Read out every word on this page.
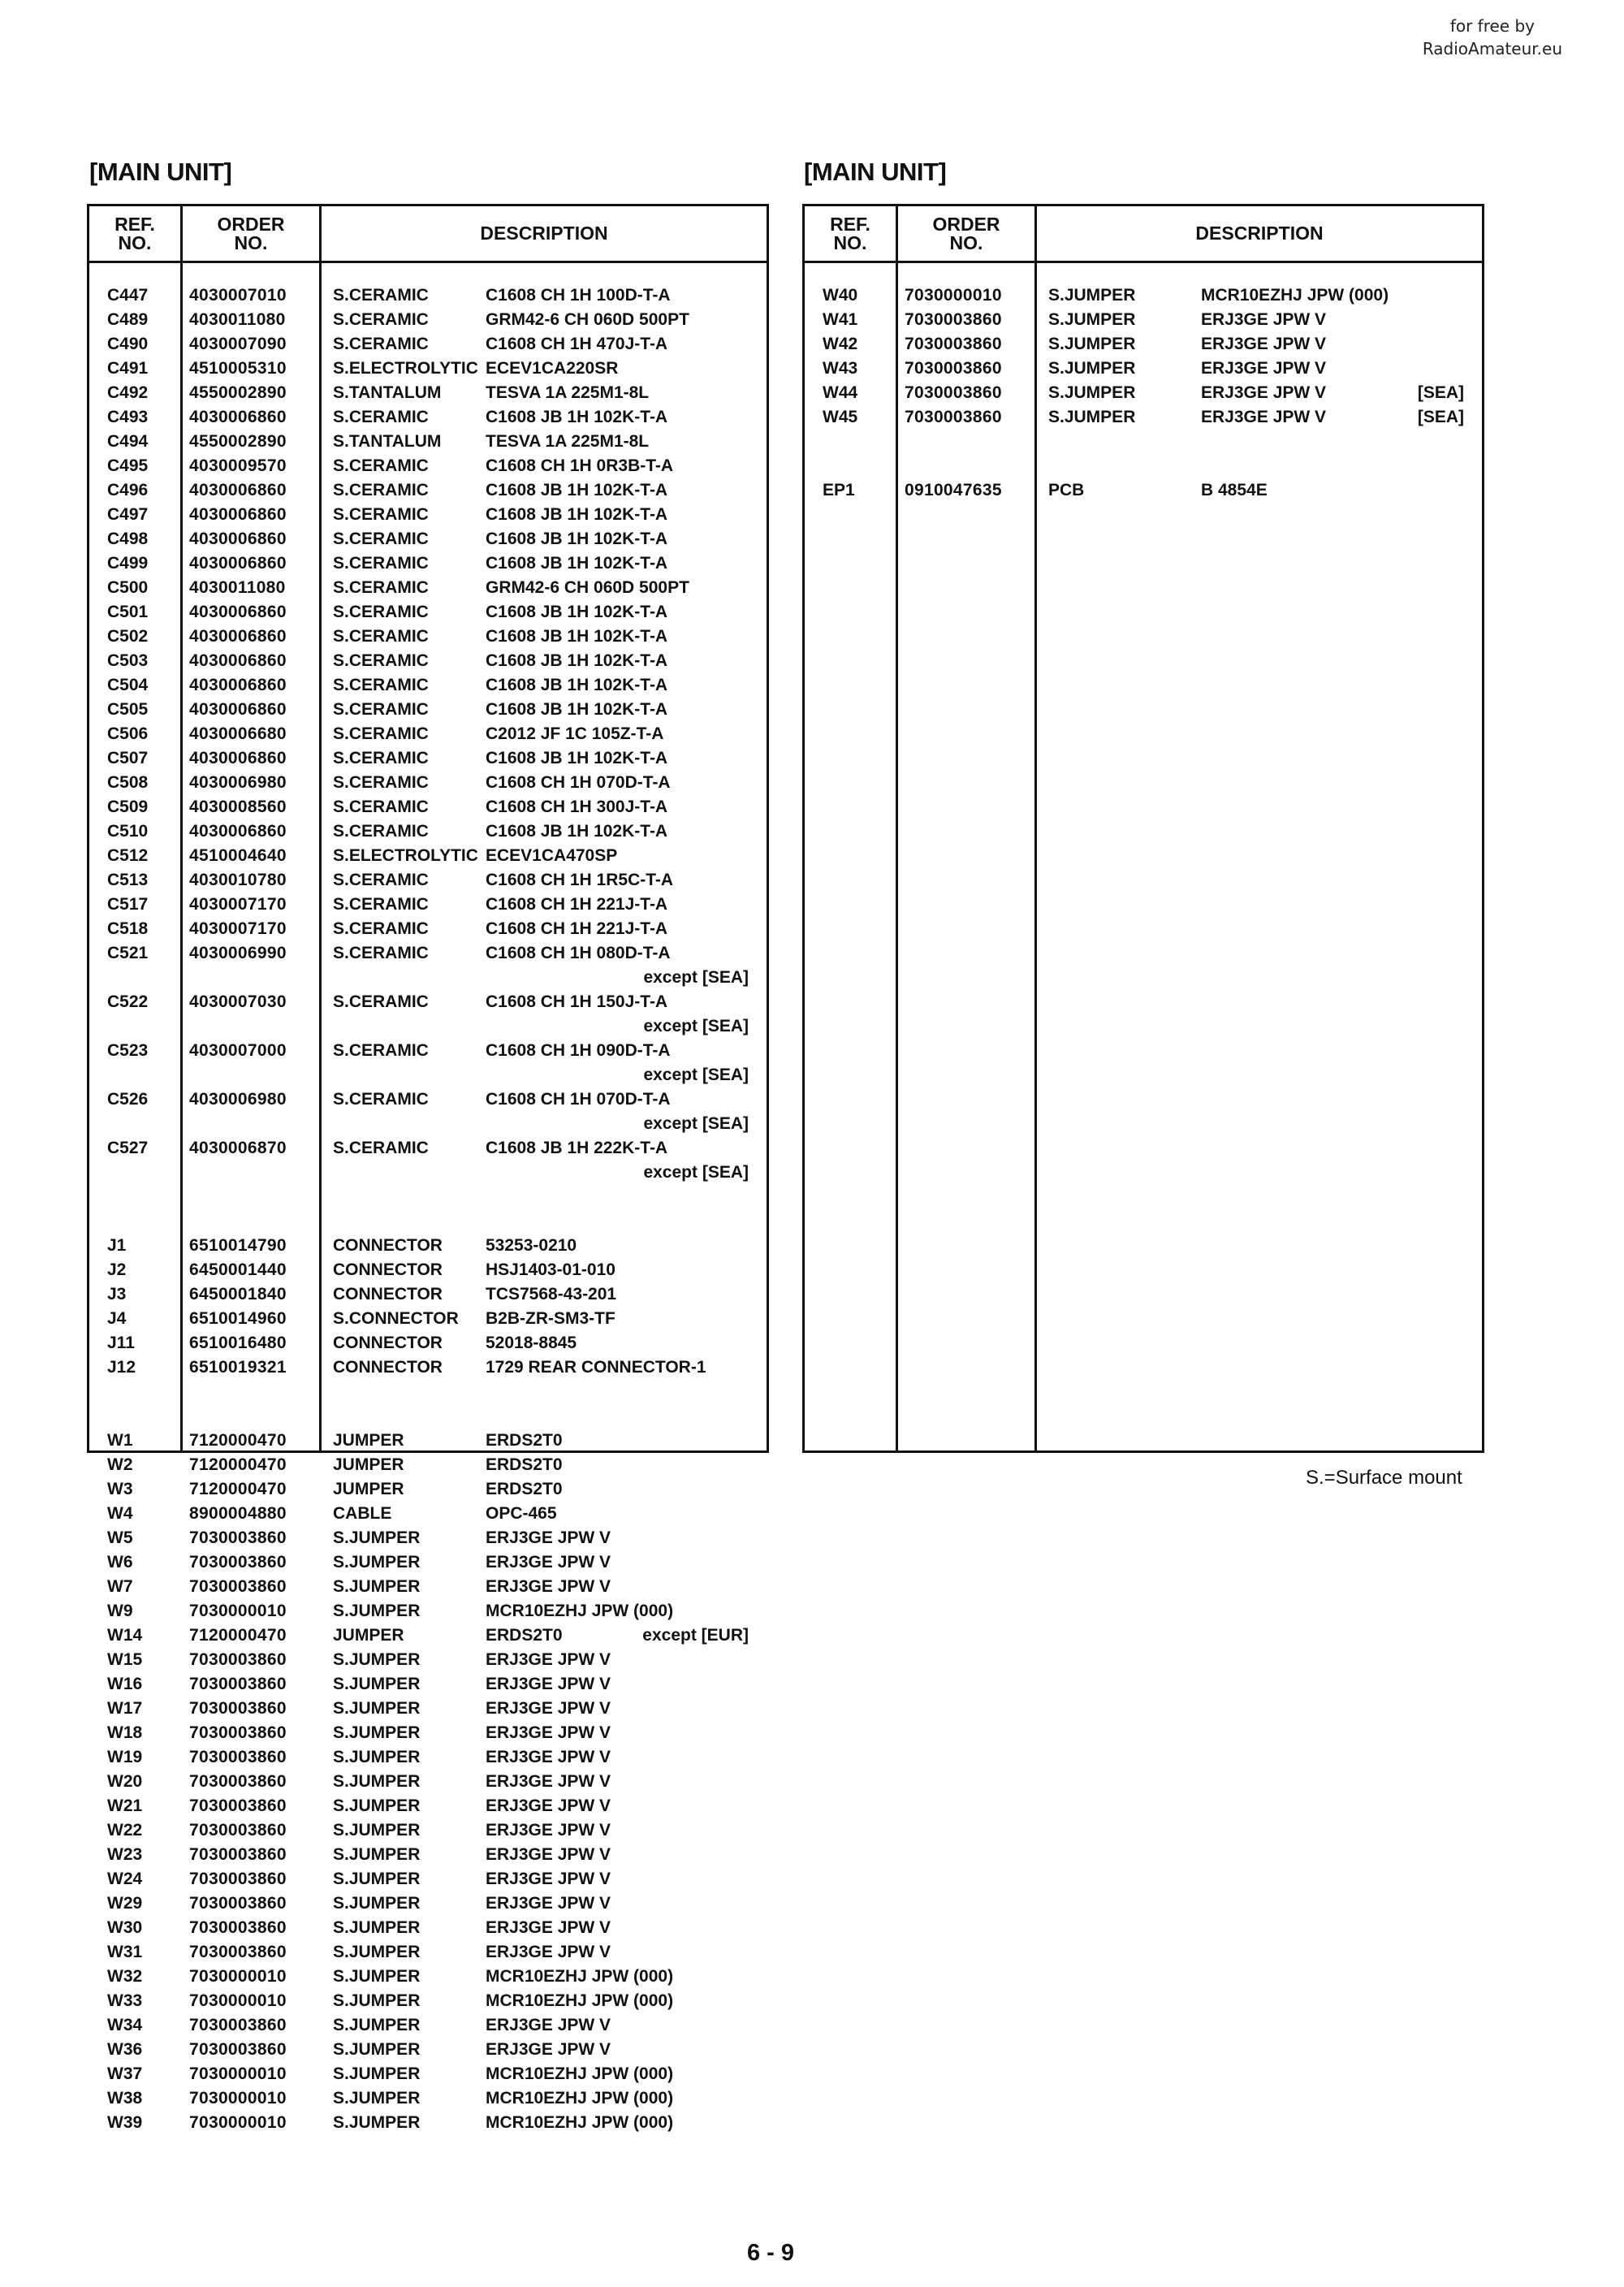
for free by
RadioAmateur.eu
[MAIN UNIT]	[MAIN UNIT]
REF.
NO.
ORDER
NO.	DESCRIPTION
C447 4030007010	S.CERAMIC	C1608 CH 1H 100D-T-A
C489 4030011080	S.CERAMIC	GRM42-6 CH 060D 500PT
C490 4030007090	S.CERAMIC	C1608 CH 1H 470J-T-A
C491 4510005310	S.ELECTROLYTIC ECEV1CA220SR
C492 4550002890	S.TANTALUM	TESVA 1A 225M1-8L
C493 4030006860	S.CERAMIC	C1608 JB 1H 102K-T-A
C494 4550002890	S.TANTALUM	TESVA 1A 225M1-8L
C495 4030009570	S.CERAMIC	C1608 CH 1H 0R3B-T-A
C496 4030006860	S.CERAMIC	C1608 JB 1H 102K-T-A
C497 4030006860	S.CERAMIC	C1608 JB 1H 102K-T-A
C498 4030006860	S.CERAMIC	C1608 JB 1H 102K-T-A
C499 4030006860	S.CERAMIC	C1608 JB 1H 102K-T-A
C500 4030011080	S.CERAMIC	GRM42-6 CH 060D 500PT
C501 4030006860	S.CERAMIC	C1608 JB 1H 102K-T-A
C502 4030006860	S.CERAMIC	C1608 JB 1H 102K-T-A
C503 4030006860	S.CERAMIC	C1608 JB 1H 102K-T-A
C504 4030006860	S.CERAMIC	C1608 JB 1H 102K-T-A
C505 4030006860	S.CERAMIC	C1608 JB 1H 102K-T-A
C506 4030006680	S.CERAMIC	C2012 JF 1C 105Z-T-A
C507 4030006860	S.CERAMIC	C1608 JB 1H 102K-T-A
C508 4030006980	S.CERAMIC	C1608 CH 1H 070D-T-A
C509 4030008560	S.CERAMIC	C1608 CH 1H 300J-T-A
C510 4030006860	S.CERAMIC	C1608 JB 1H 102K-T-A
C512 4510004640	S.ELECTROLYTIC ECEV1CA470SP
C513 4030010780	S.CERAMIC	C1608 CH 1H 1R5C-T-A
C517 4030007170	S.CERAMIC	C1608 CH 1H 221J-T-A
C518 4030007170	S.CERAMIC	C1608 CH 1H 221J-T-A
C521 4030006990	S.CERAMIC	C1608 CH 1H 080D-T-A
except [SEA]
C522 4030007030	S.CERAMIC	C1608 CH 1H 150J-T-A
except [SEA]
C523 4030007000	S.CERAMIC	C1608 CH 1H 090D-T-A
except [SEA]
C526 4030006980	S.CERAMIC	C1608 CH 1H 070D-T-A
except [SEA]
C527 4030006870	S.CERAMIC	C1608 JB 1H 222K-T-A
except [SEA]
J1	6510014790	CONNECTOR	53253-0210
J2	6450001440	CONNECTOR	HSJ1403-01-010
J3	6450001840	CONNECTOR	TCS7568-43-201
J4	6510014960	S.CONNECTOR B2B-ZR-SM3-TF
J11	6510016480	CONNECTOR	52018-8845
J12	6510019321	CONNECTOR	1729 REAR CONNECTOR-1
W1	7120000470	JUMPER	ERDS2T0
W2	7120000470	JUMPER	ERDS2T0
W3	7120000470	JUMPER	ERDS2T0
W4	8900004880	CABLE	OPC-465
W5	7030003860	S.JUMPER	ERJ3GE JPW V
W6	7030003860	S.JUMPER	ERJ3GE JPW V
W7	7030003860	S.JUMPER	ERJ3GE JPW V
W9	7030000010	S.JUMPER	MCR10EZHJ JPW (000)
W14	7120000470	JUMPER	ERDS2T0	except [EUR]
W15	7030003860	S.JUMPER	ERJ3GE JPW V
W16	7030003860	S.JUMPER	ERJ3GE JPW V
W17	7030003860	S.JUMPER	ERJ3GE JPW V
W18	7030003860	S.JUMPER	ERJ3GE JPW V
W19	7030003860	S.JUMPER	ERJ3GE JPW V
W20	7030003860	S.JUMPER	ERJ3GE JPW V
W21	7030003860	S.JUMPER	ERJ3GE JPW V
W22	7030003860	S.JUMPER	ERJ3GE JPW V
W23	7030003860	S.JUMPER	ERJ3GE JPW V
W24	7030003860	S.JUMPER	ERJ3GE JPW V
W29	7030003860	S.JUMPER	ERJ3GE JPW V
W30	7030003860	S.JUMPER	ERJ3GE JPW V
W31	7030003860	S.JUMPER	ERJ3GE JPW V
W32	7030000010	S.JUMPER	MCR10EZHJ JPW (000)
W33	7030000010	S.JUMPER	MCR10EZHJ JPW (000)
W34	7030003860	S.JUMPER	ERJ3GE JPW V
W36	7030003860	S.JUMPER	ERJ3GE JPW V
W37	7030000010	S.JUMPER	MCR10EZHJ JPW (000)
W38	7030000010	S.JUMPER	MCR10EZHJ JPW (000)
W39	7030000010	S.JUMPER	MCR10EZHJ JPW (000)
REF.
NO.
ORDER
NO.	DESCRIPTION
W40	7030000010	S.JUMPER	MCR10EZHJ JPW (000)
W41	7030003860	S.JUMPER	ERJ3GE JPW V
W42	7030003860	S.JUMPER	ERJ3GE JPW V
W43	7030003860	S.JUMPER	ERJ3GE JPW V
W44	7030003860	S.JUMPER	ERJ3GE JPW V	[SEA]
W45	7030003860	S.JUMPER	ERJ3GE JPW V	[SEA]
EP1	0910047635	PCB	B 4854E
S.=Surface mount
6 - 9
